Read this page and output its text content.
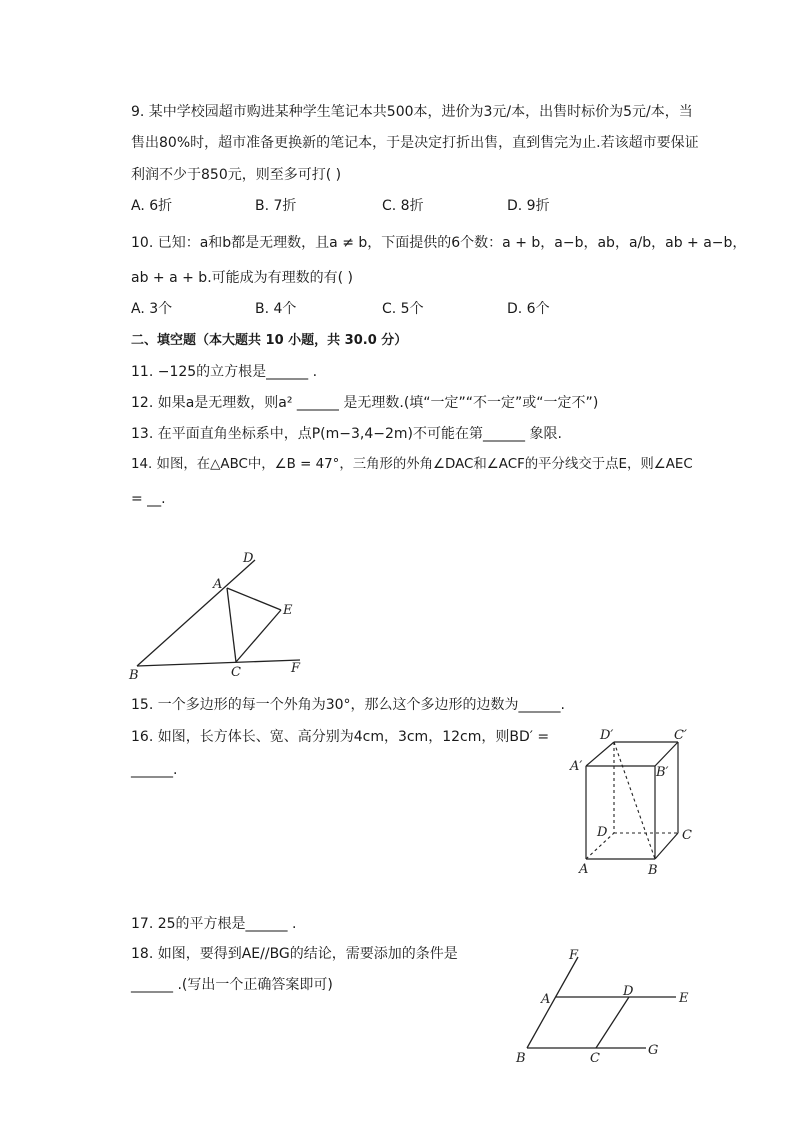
9. 某中学校园超市购进某种学生笔记本共500本，进价为3元/本，出售时标价为5元/本，当
售出80%时，超市准备更换新的笔记本，于是决定打折出售，直到售完为止.若该超市要保证
利润不少于850元，则至多可打( )
A. 6折	B. 7折	C. 8折	D. 9折
10. 已知：a和b都是无理数，且a ≠ b，下面提供的6个数：a + b，a−b，ab，a/b，ab + a−b，
ab + a + b.可能成为有理数的有( )
A. 3个	B. 4个	C. 5个	D. 6个
二、填空题（本大题共 10 小题，共 30.0 分）
11. −125的立方根是______ .
12. 如果a是无理数，则a² ______ 是无理数.(填“一定”“不一定”或“一定不”)
13. 在平面直角坐标系中，点P(m−3,4−2m)不可能在第______ 象限.
14. 如图，在△ABC中，∠B = 47°，三角形的外角∠DAC和∠ACF的平分线交于点E，则∠AEC
= __.
D
A
E
B	C	F
15. 一个多边形的每一个外角为30°，那么这个多边形的边数为______.
16. 如图，长方体长、宽、高分别为4cm，3cm，12cm，则BD′ =
______.
D′	C′
A′	B′
D	C
A	B
17. 25的平方根是______ .
18. 如图，要得到AE//BG的结论，需要添加的条件是
______ .(写出一个正确答案即可)
F
A
D	E
B	C
G
